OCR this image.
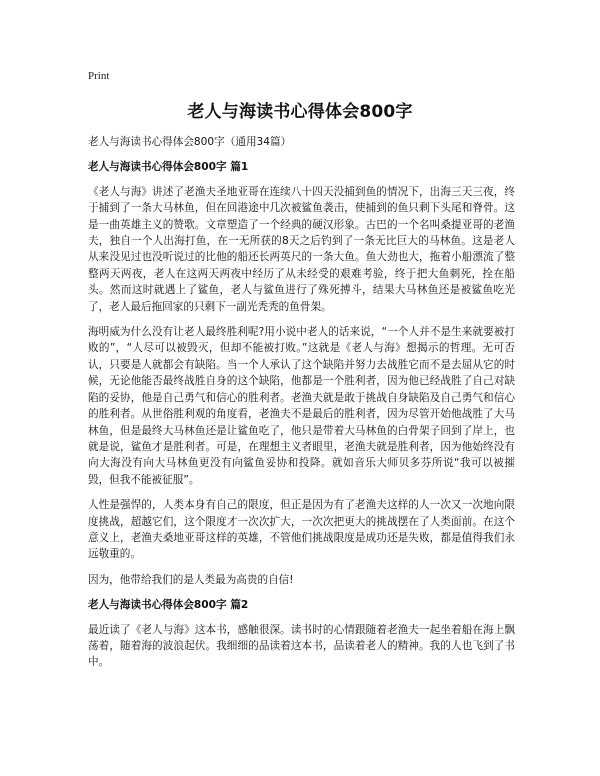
Print
老人与海读书心得体会800字
老人与海读书心得体会800字（通用34篇）
老人与海读书心得体会800字 篇1

《老人与海》讲述了老渔夫圣地亚哥在连续八十四天没捕到鱼的情况下，出海三天三夜，终于捕到了一条大马林鱼，但在回港途中几次被鲨鱼袭击，使捕到的鱼只剩下头尾和脊骨。这是一曲英雄主义的赞歌。文章塑造了一个经典的硬汉形象。古巴的一个名叫桑提亚哥的老渔夫，独自一个人出海打鱼，在一无所获的8天之后钓到了一条无比巨大的马林鱼。这是老人从来没见过也没听说过的比他的船还长两英尺的一条大鱼。鱼大劲也大，拖着小船漂流了整整两天两夜，老人在这两天两夜中经历了从未经受的艰难考验，终于把大鱼刺死，拴在船头。然而这时就遇上了鲨鱼，老人与鲨鱼进行了殊死搏斗，结果大马林鱼还是被鲨鱼吃光了，老人最后拖回家的只剩下一副光秃秃的鱼骨架。

海明威为什么没有让老人最终胜利呢?用小说中老人的话来说，“一个人并不是生来就要被打败的”，“人尽可以被毁灭，但却不能被打败。”这就是《老人与海》想揭示的哲理。无可否认，只要是人就都会有缺陷。当一个人承认了这个缺陷并努力去战胜它而不是去屈从它的时候，无论他能否最终战胜自身的这个缺陷，他都是一个胜利者，因为他已经战胜了自己对缺陷的妥协，他是自己勇气和信心的胜利者。老渔夫就是敢于挑战自身缺陷及自己勇气和信心的胜利者。从世俗胜利观的角度看，老渔夫不是最后的胜利者，因为尽管开始他战胜了大马林鱼，但是最终大马林鱼还是让鲨鱼吃了，他只是带着大马林鱼的白骨架子回到了岸上，也就是说，鲨鱼才是胜利者。可是，在理想主义者眼里，老渔夫就是胜利者，因为他始终没有向大海没有向大马林鱼更没有向鲨鱼妥协和投降。就如音乐大师贝多芬所说“我可以被摧毁，但我不能被征服”。

人性是强悍的，人类本身有自己的限度，但正是因为有了老渔夫这样的人一次又一次地向限度挑战，超越它们，这个限度才一次次扩大，一次次把更大的挑战摆在了人类面前。在这个意义上，老渔夫桑地亚哥这样的英雄，不管他们挑战限度是成功还是失败，都是值得我们永远敬重的。

因为，他带给我们的是人类最为高贵的自信!

老人与海读书心得体会800字 篇2

最近读了《老人与海》这本书，感触很深。读书时的心情跟随着老渔夫一起坐着船在海上飘荡着，随着海的波浪起伏。我细细的品读着这本书，品读着老人的精神。我的人也飞到了书中。
